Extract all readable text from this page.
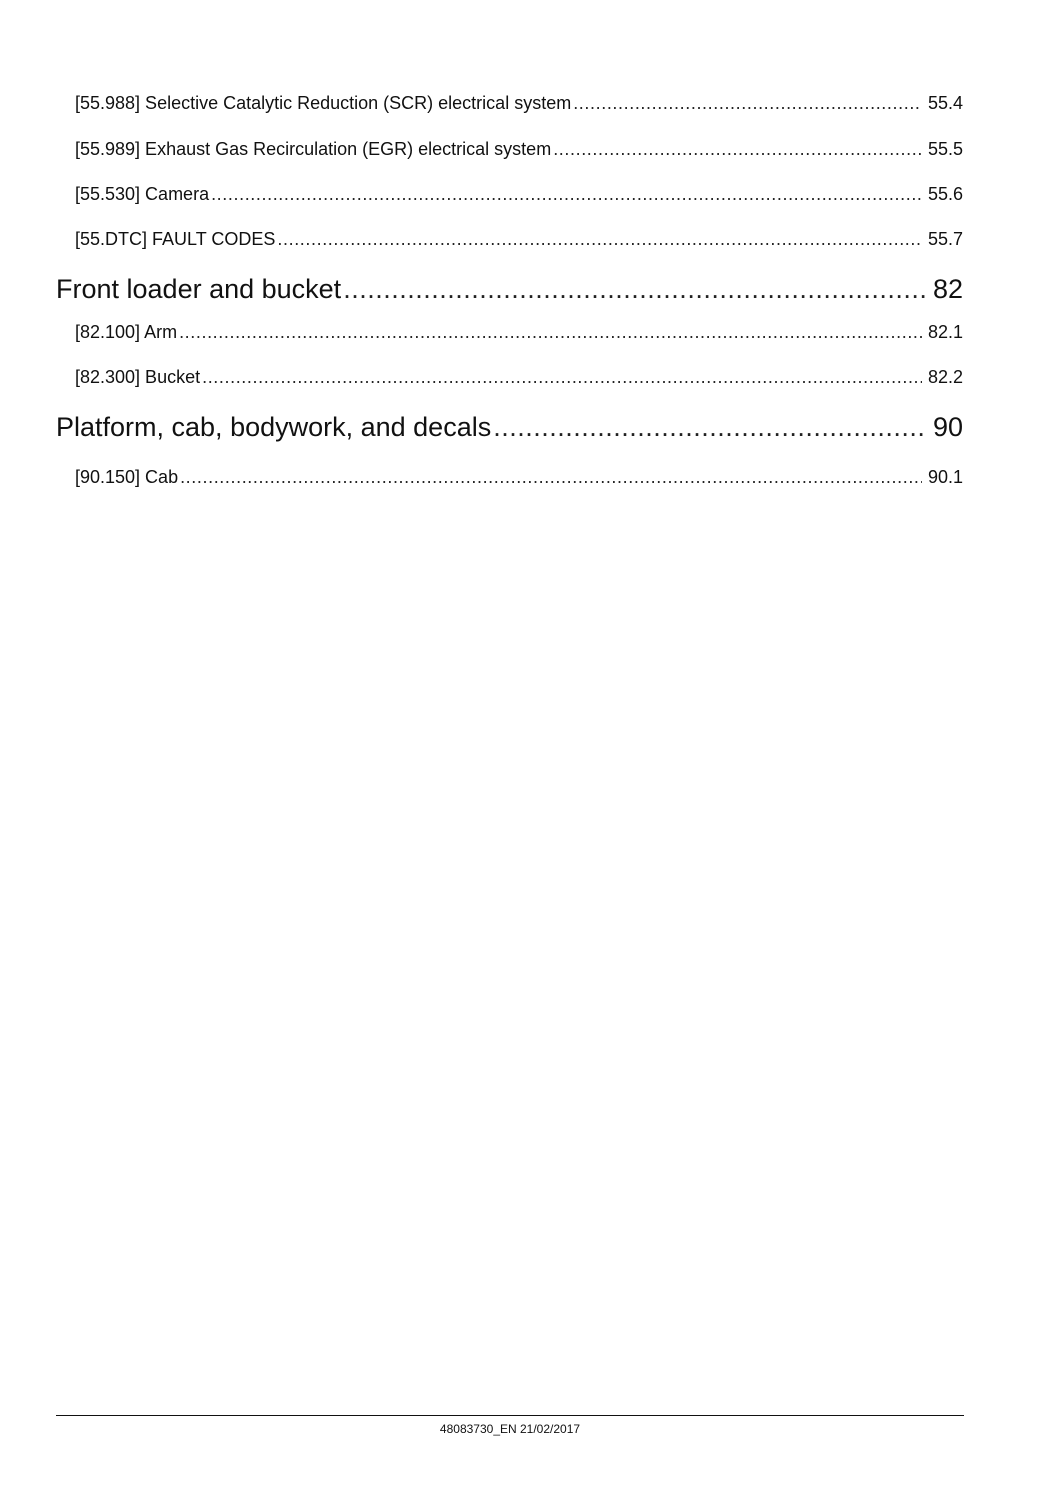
[55.988] Selective Catalytic Reduction (SCR) electrical system . . .	55.4
[55.989] Exhaust Gas Recirculation (EGR) electrical system . . .	55.5
[55.530] Camera . . .	55.6
[55.DTC] FAULT CODES . . .	55.7
Front loader and bucket . . .	82
[82.100] Arm . . .	82.1
[82.300] Bucket . . .	82.2
Platform, cab, bodywork, and decals . . .	90
[90.150] Cab . . .	90.1
48083730_EN 21/02/2017
